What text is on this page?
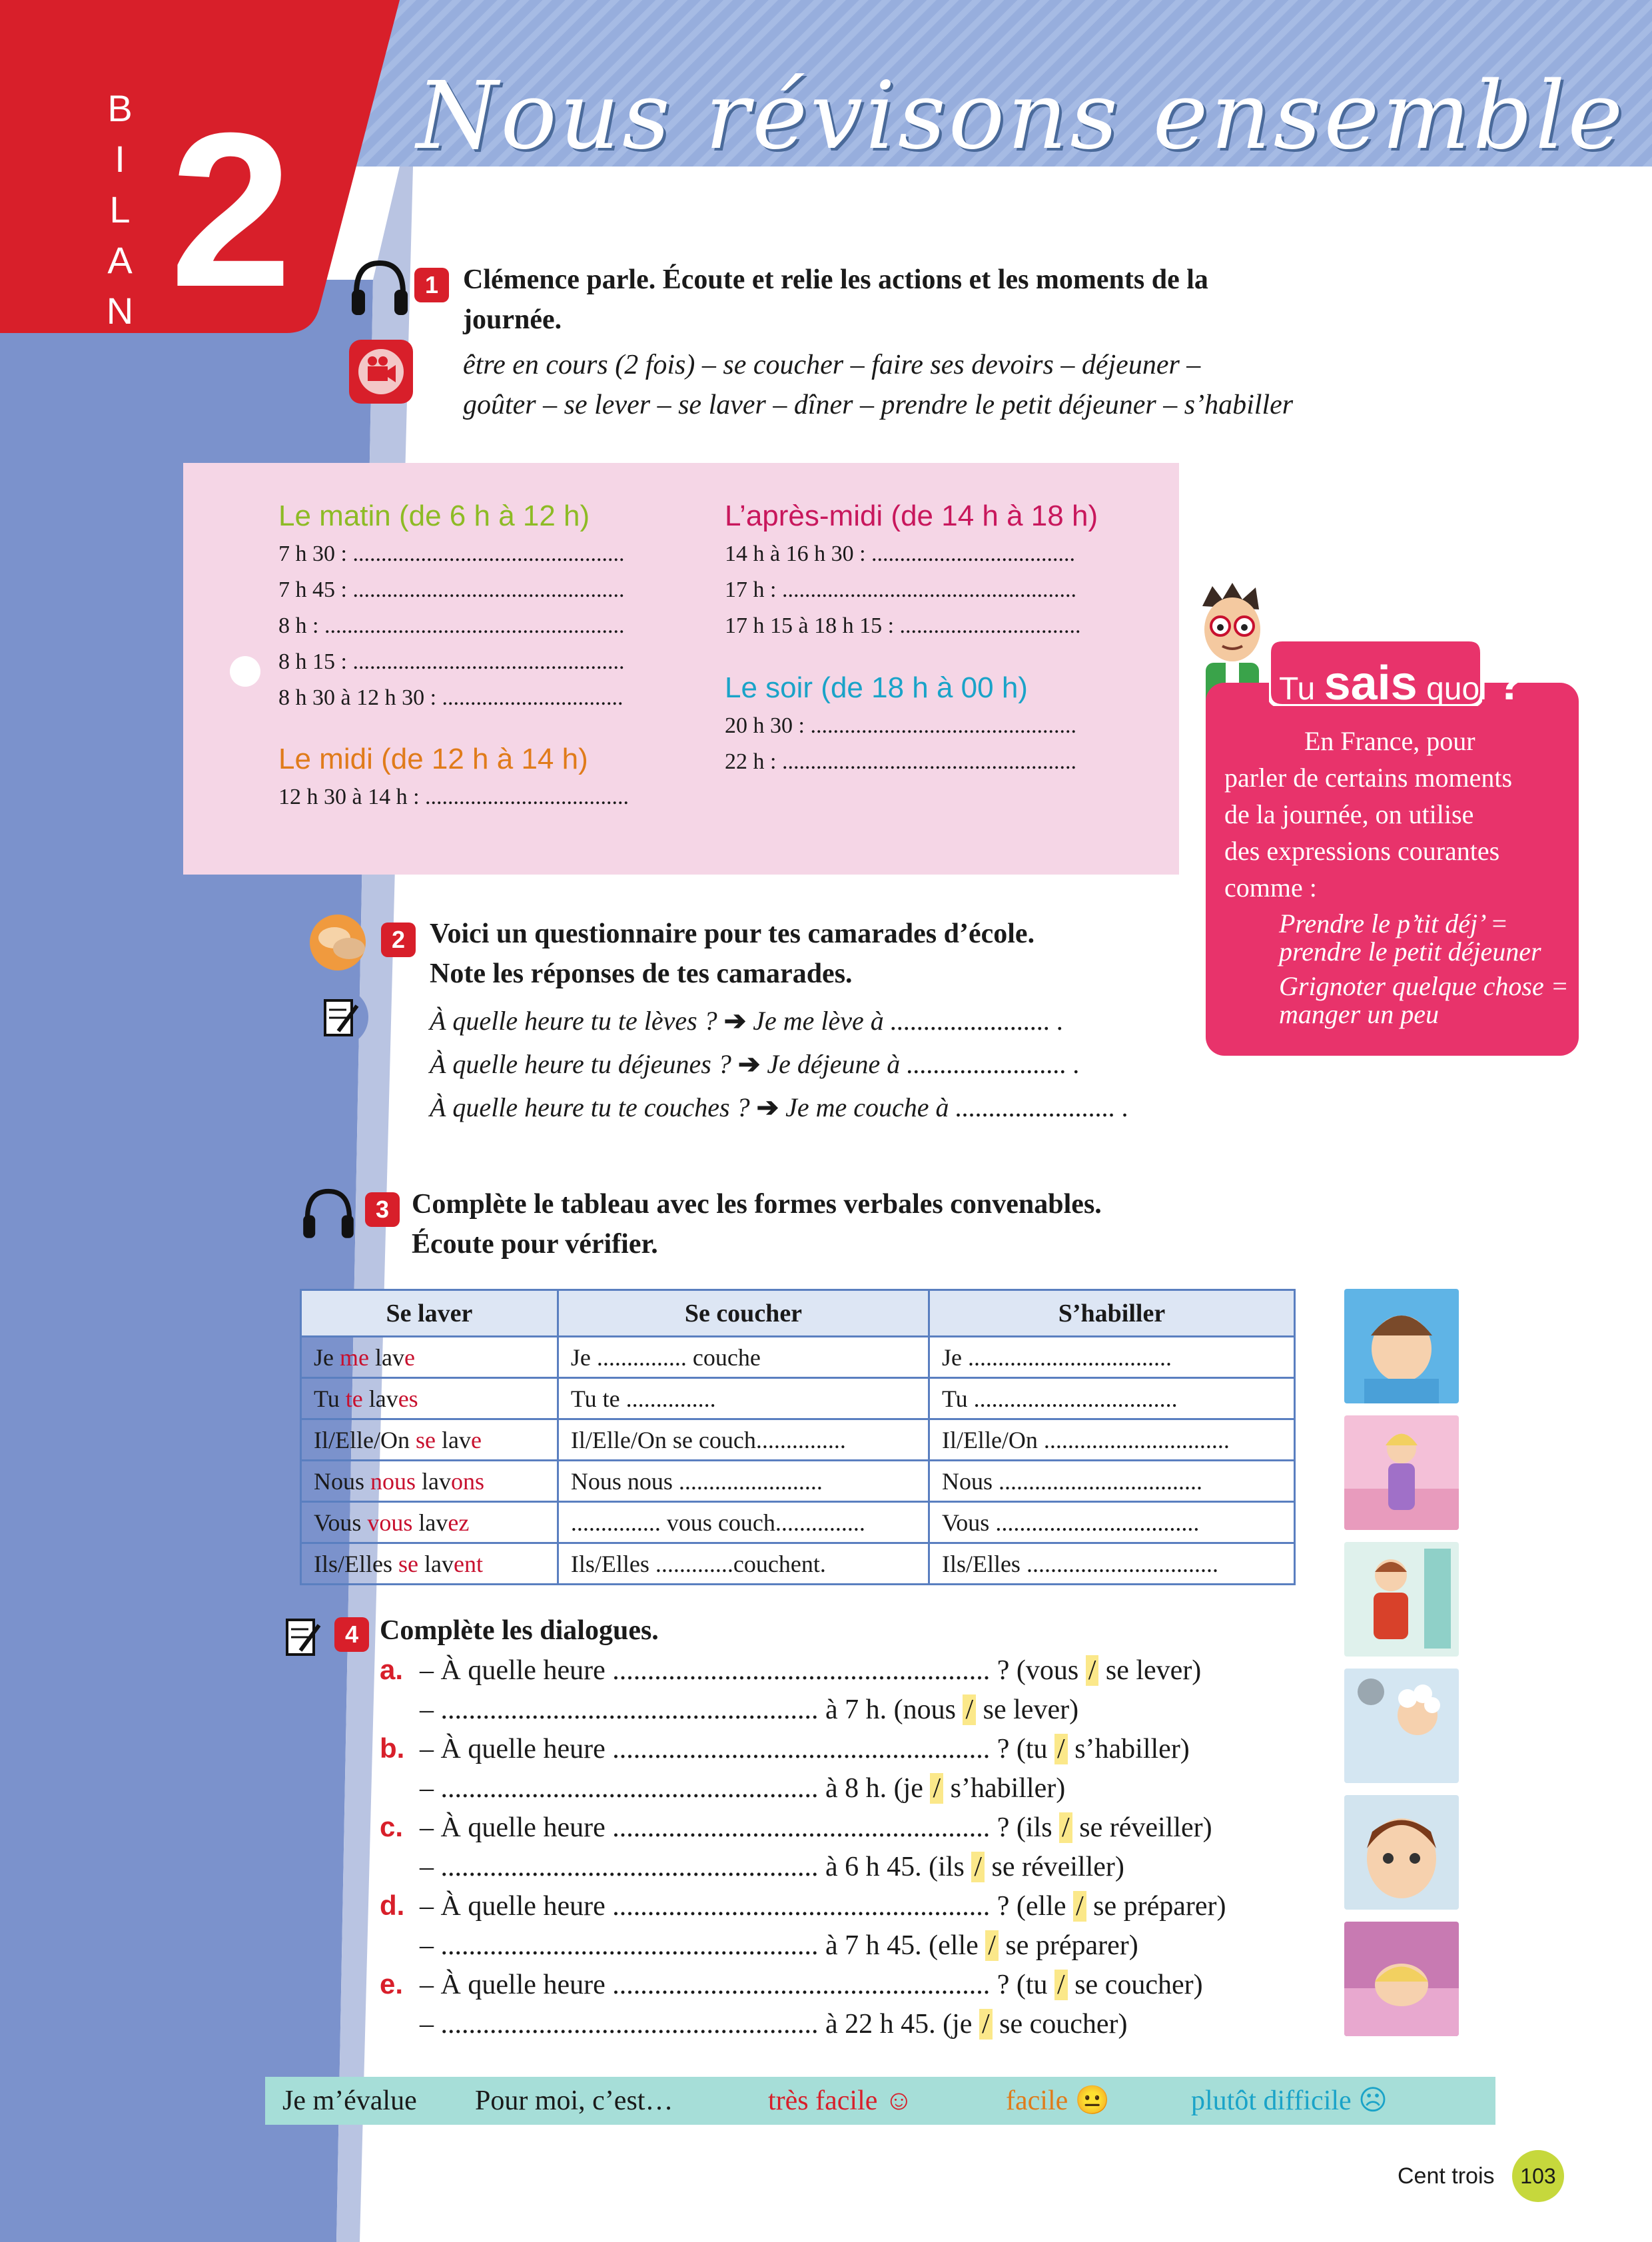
B
I
L
A
N 2 Nous révisons ensemble
1 Clémence parle. Écoute et relie les actions et les moments de la
journée.
être en cours (2 fois) – se coucher – faire ses devoirs – déjeuner –
goûter – se lever – se laver – dîner – prendre le petit déjeuner – s’habiller
Le matin (de 6 h à 12 h)
7 h 30 : ................................................
7 h 45 : ................................................
8 h : .....................................................
8 h 15 : ................................................
8 h 30 à 12 h 30 : ................................
Le midi (de 12 h à 14 h)
12 h 30 à 14 h : ....................................
L’après-midi (de 14 h à 18 h)
14 h à 16 h 30 : ....................................
17 h : ....................................................
17 h 15 à 18 h 15 : ................................
Le soir (de 18 h à 00 h)
20 h 30 : ...............................................
22 h : ....................................................
Tu sais quoi ?
En France, pour
parler de certains moments
de la journée, on utilise
des expressions courantes
comme :
Prendre le p’tit déj’ =
prendre le petit déjeuner
Grignoter quelque chose =
manger un peu
2 Voici un questionnaire pour tes camarades d’école.
Note les réponses de tes camarades.
À quelle heure tu te lèves ? ➔ Je me lève à ........................ .
À quelle heure tu déjeunes ? ➔ Je déjeune à ........................ .
À quelle heure tu te couches ? ➔ Je me couche à ........................ .
3 Complète le tableau avec les formes verbales convenables.
Écoute pour vérifier.
Se laver	Se coucher	S’habiller
Je me lave	Je ............... couche	Je ..................................
Tu te laves	Tu te ...............	Tu ..................................
Il/Elle/On se lave	Il/Elle/On se couch...............	Il/Elle/On ...............................
Nous nous lavons	Nous nous ........................	Nous ..................................
Vous vous lavez	............... vous couch...............	Vous ..................................
Ils/Elles se lavent	Ils/Elles .............couchent.	Ils/Elles ................................
4 Complète les dialogues.
a. – À quelle heure ...................................................... ? (vous / se lever)
– ...................................................... à 7 h. (nous / se lever)
b. – À quelle heure ...................................................... ? (tu / s’habiller)
– ...................................................... à 8 h. (je / s’habiller)
c. – À quelle heure ...................................................... ? (ils / se réveiller)
– ...................................................... à 6 h 45. (ils / se réveiller)
d. – À quelle heure ...................................................... ? (elle / se préparer)
– ...................................................... à 7 h 45. (elle / se préparer)
e. – À quelle heure ...................................................... ? (tu / se coucher)
– ...................................................... à 22 h 45. (je / se coucher)
Je m’évalue Pour moi, c’est…	très facile ☺	facile 😐	plutôt difficile ☹
Cent trois	103
